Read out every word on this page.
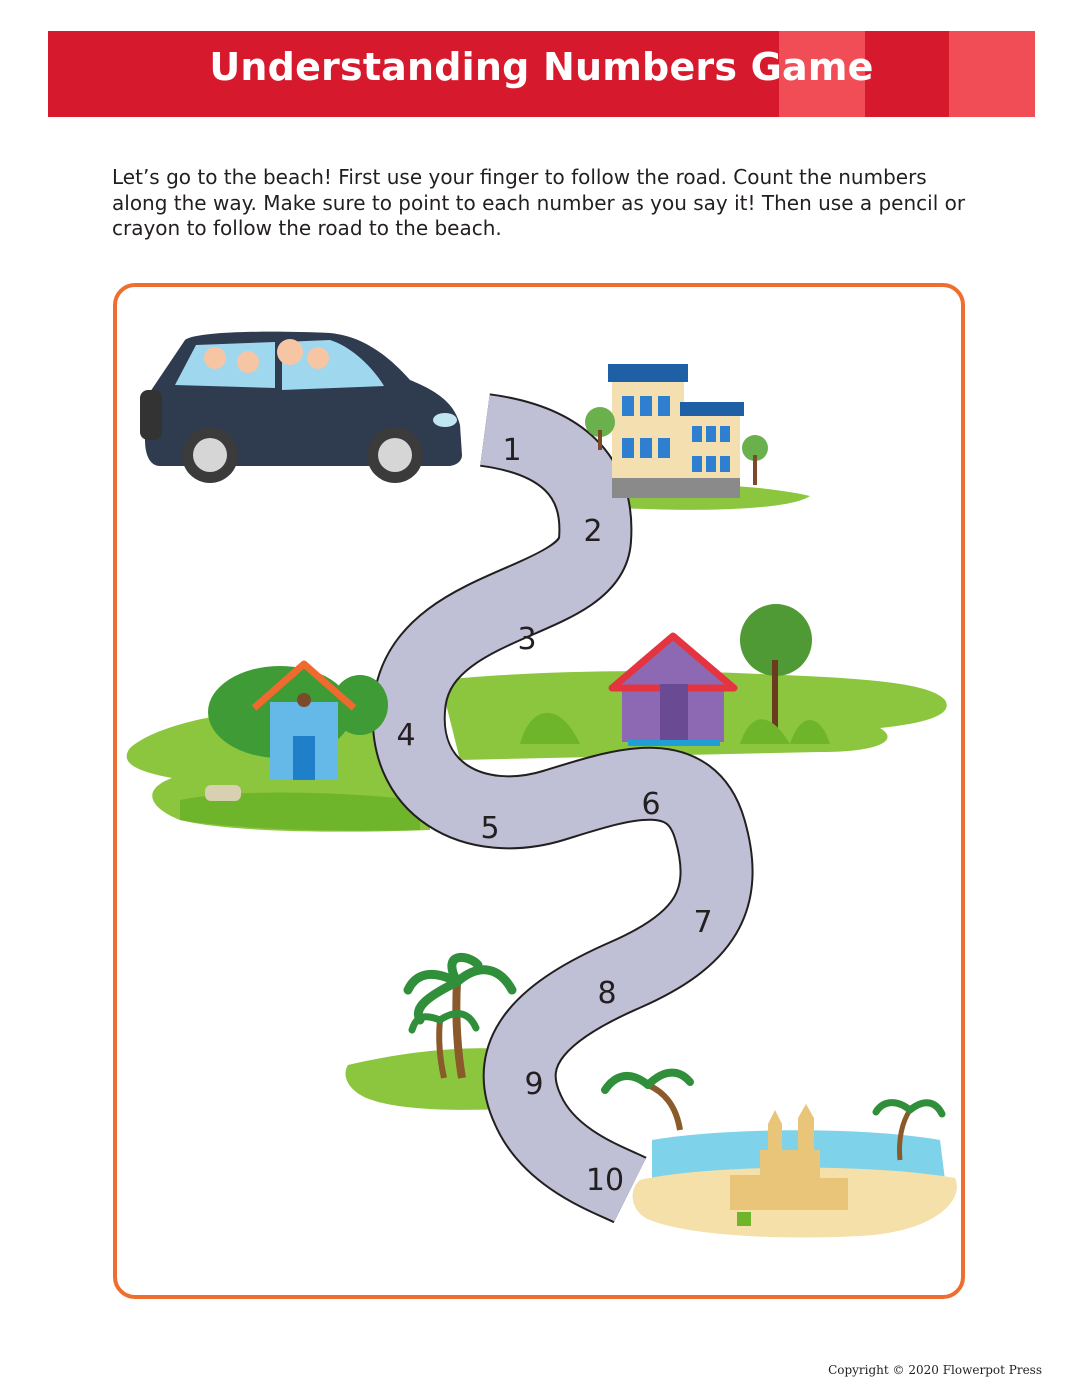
Understanding Numbers Game
Let’s go to the beach! First use your finger to follow the road. Count the numbers along the way. Make sure to point to each number as you say it! Then use a pencil or crayon to follow the road to the beach.
1
2
3
4
5
6
7
8
9
10
Copyright © 2020 Flowerpot Press
